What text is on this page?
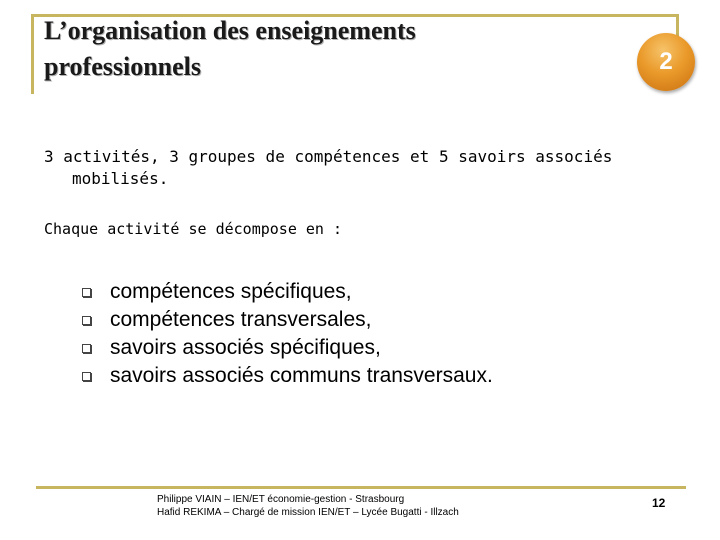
L’organisation des enseignements
professionnels	2
3 activités, 3 groupes de compétences et 5 savoirs associés mobilisés.
Chaque activité se décompose en :
compétences spécifiques,
compétences transversales,
savoirs associés spécifiques,
savoirs associés communs transversaux.
Philippe VIAIN – IEN/ET économie-gestion - Strasbourg
Hafid REKIMA – Chargé de mission IEN/ET – Lycée Bugatti - Illzach
12
